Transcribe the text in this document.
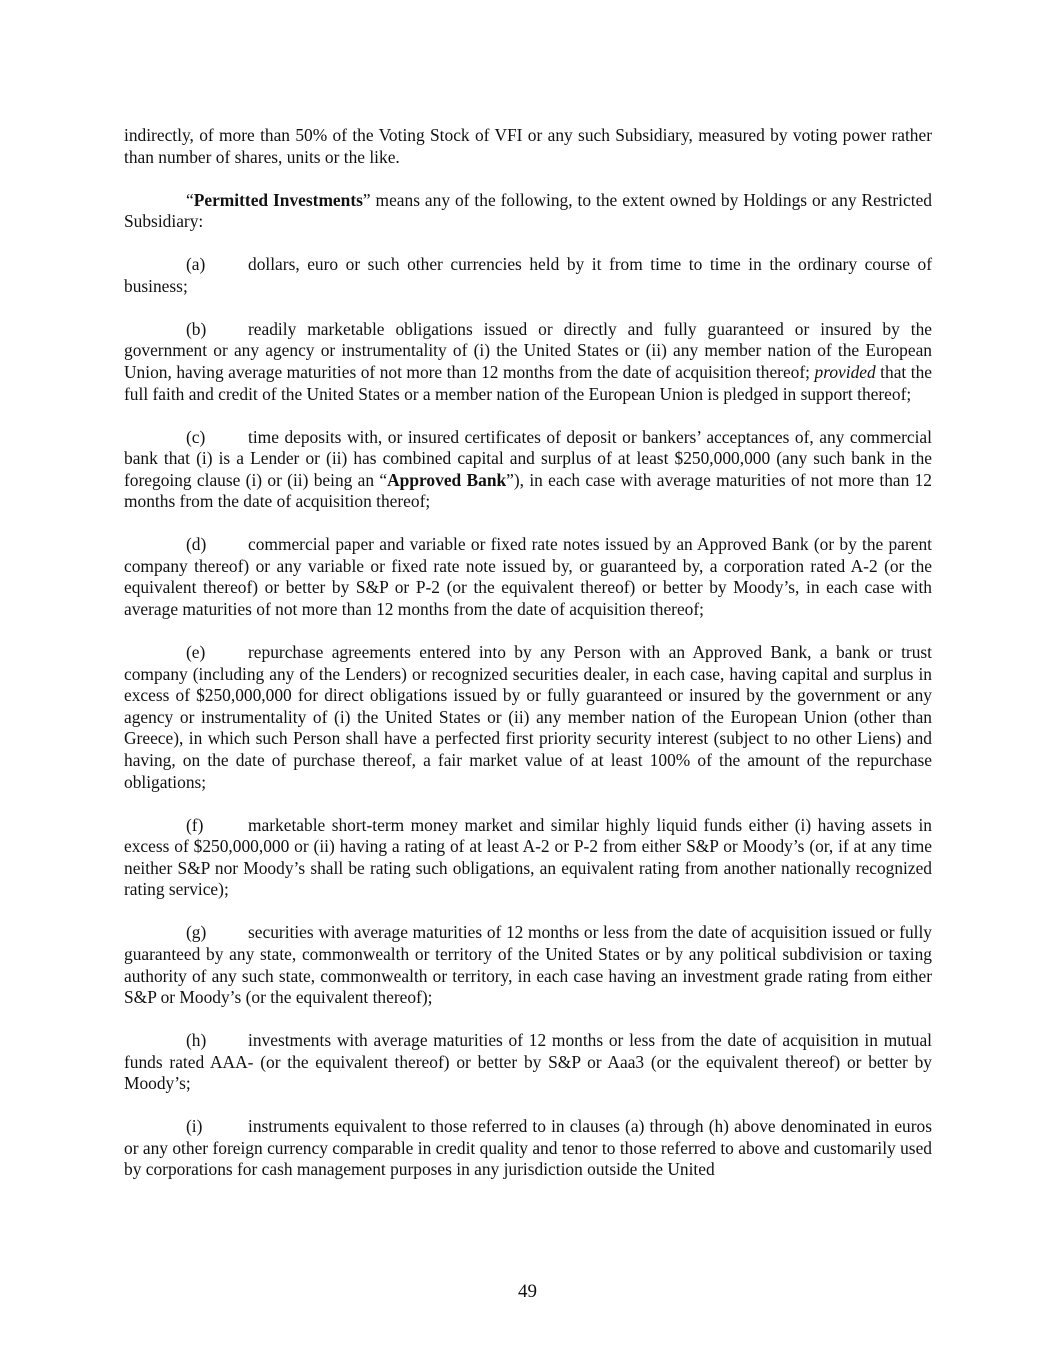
indirectly, of more than 50% of the Voting Stock of VFI or any such Subsidiary, measured by voting power rather than number of shares, units or the like.

“Permitted Investments” means any of the following, to the extent owned by Holdings or any Restricted Subsidiary:

(a) dollars, euro or such other currencies held by it from time to time in the ordinary course of business;

(b) readily marketable obligations issued or directly and fully guaranteed or insured by the government or any agency or instrumentality of (i) the United States or (ii) any member nation of the European Union, having average maturities of not more than 12 months from the date of acquisition thereof; provided that the full faith and credit of the United States or a member nation of the European Union is pledged in support thereof;

(c) time deposits with, or insured certificates of deposit or bankers’ acceptances of, any commercial bank that (i) is a Lender or (ii) has combined capital and surplus of at least $250,000,000 (any such bank in the foregoing clause (i) or (ii) being an “Approved Bank”), in each case with average maturities of not more than 12 months from the date of acquisition thereof;

(d) commercial paper and variable or fixed rate notes issued by an Approved Bank (or by the parent company thereof) or any variable or fixed rate note issued by, or guaranteed by, a corporation rated A-2 (or the equivalent thereof) or better by S&P or P-2 (or the equivalent thereof) or better by Moody’s, in each case with average maturities of not more than 12 months from the date of acquisition thereof;

(e) repurchase agreements entered into by any Person with an Approved Bank, a bank or trust company (including any of the Lenders) or recognized securities dealer, in each case, having capital and surplus in excess of $250,000,000 for direct obligations issued by or fully guaranteed or insured by the government or any agency or instrumentality of (i) the United States or (ii) any member nation of the European Union (other than Greece), in which such Person shall have a perfected first priority security interest (subject to no other Liens) and having, on the date of purchase thereof, a fair market value of at least 100% of the amount of the repurchase obligations;

(f)	marketable short-term money market and similar highly liquid funds either (i) having assets in excess of $250,000,000 or (ii) having a rating of at least A-2 or P-2 from either S&P or Moody’s (or, if at any time neither S&P nor Moody’s shall be rating such obligations, an equivalent rating from another nationally recognized rating service);

(g) securities with average maturities of 12 months or less from the date of acquisition issued or fully guaranteed by any state, commonwealth or territory of the United States or by any political subdivision or taxing authority of any such state, commonwealth or territory, in each case having an investment grade rating from either S&P or Moody’s (or the equivalent thereof);

(h) investments with average maturities of 12 months or less from the date of acquisition in mutual funds rated AAA- (or the equivalent thereof) or better by S&P or Aaa3 (or the equivalent thereof) or better by Moody’s;

(i)	instruments equivalent to those referred to in clauses (a) through (h) above denominated in euros or any other foreign currency comparable in credit quality and tenor to those referred to above and customarily used by corporations for cash management purposes in any jurisdiction outside the United

49
